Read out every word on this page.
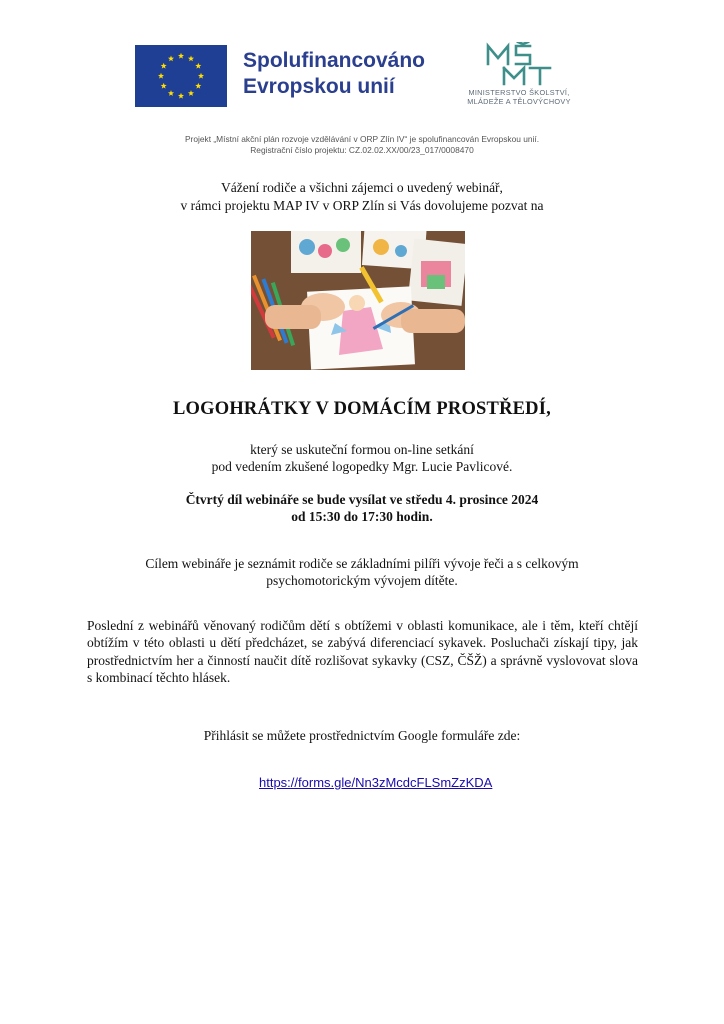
Spolufinancováno
Evropskou unií	MINISTERSTVO ŠKOLSTVÍ,
MLÁDEŽE A TĚLOVÝCHOVY
Projekt „Místní akční plán rozvoje vzdělávání v ORP Zlín IV“ je spolufinancován Evropskou unií.
Registrační číslo projektu: CZ.02.02.XX/00/23_017/0008470
Vážení rodiče a všichni zájemci o uvedený webinář,
v rámci projektu MAP IV v ORP Zlín si Vás dovolujeme pozvat na
LOGOHRÁTKY V DOMÁCÍM PROSTŘEDÍ,
který se uskuteční formou on-line setkání
pod vedením zkušené logopedky Mgr. Lucie Pavlicové.
Čtvrtý díl webináře se bude vysílat ve středu 4. prosince 2024
od 15:30 do 17:30 hodin.
Cílem webináře je seznámit rodiče se základními pilíři vývoje řeči a s celkovým
psychomotorickým vývojem dítěte.
Poslední z webinářů věnovaný rodičům dětí s obtížemi v oblasti komunikace, ale i těm, kteří chtějí obtížím v této oblasti u dětí předcházet, se zabývá diferenciací sykavek. Posluchači získají tipy, jak prostřednictvím her a činností naučit dítě rozlišovat sykavky (CSZ, ČŠŽ) a správně vyslovovat slova s kombinací těchto hlásek.
Přihlásit se můžete prostřednictvím Google formuláře zde:
https://forms.gle/Nn3zMcdcFLSmZzKDA
